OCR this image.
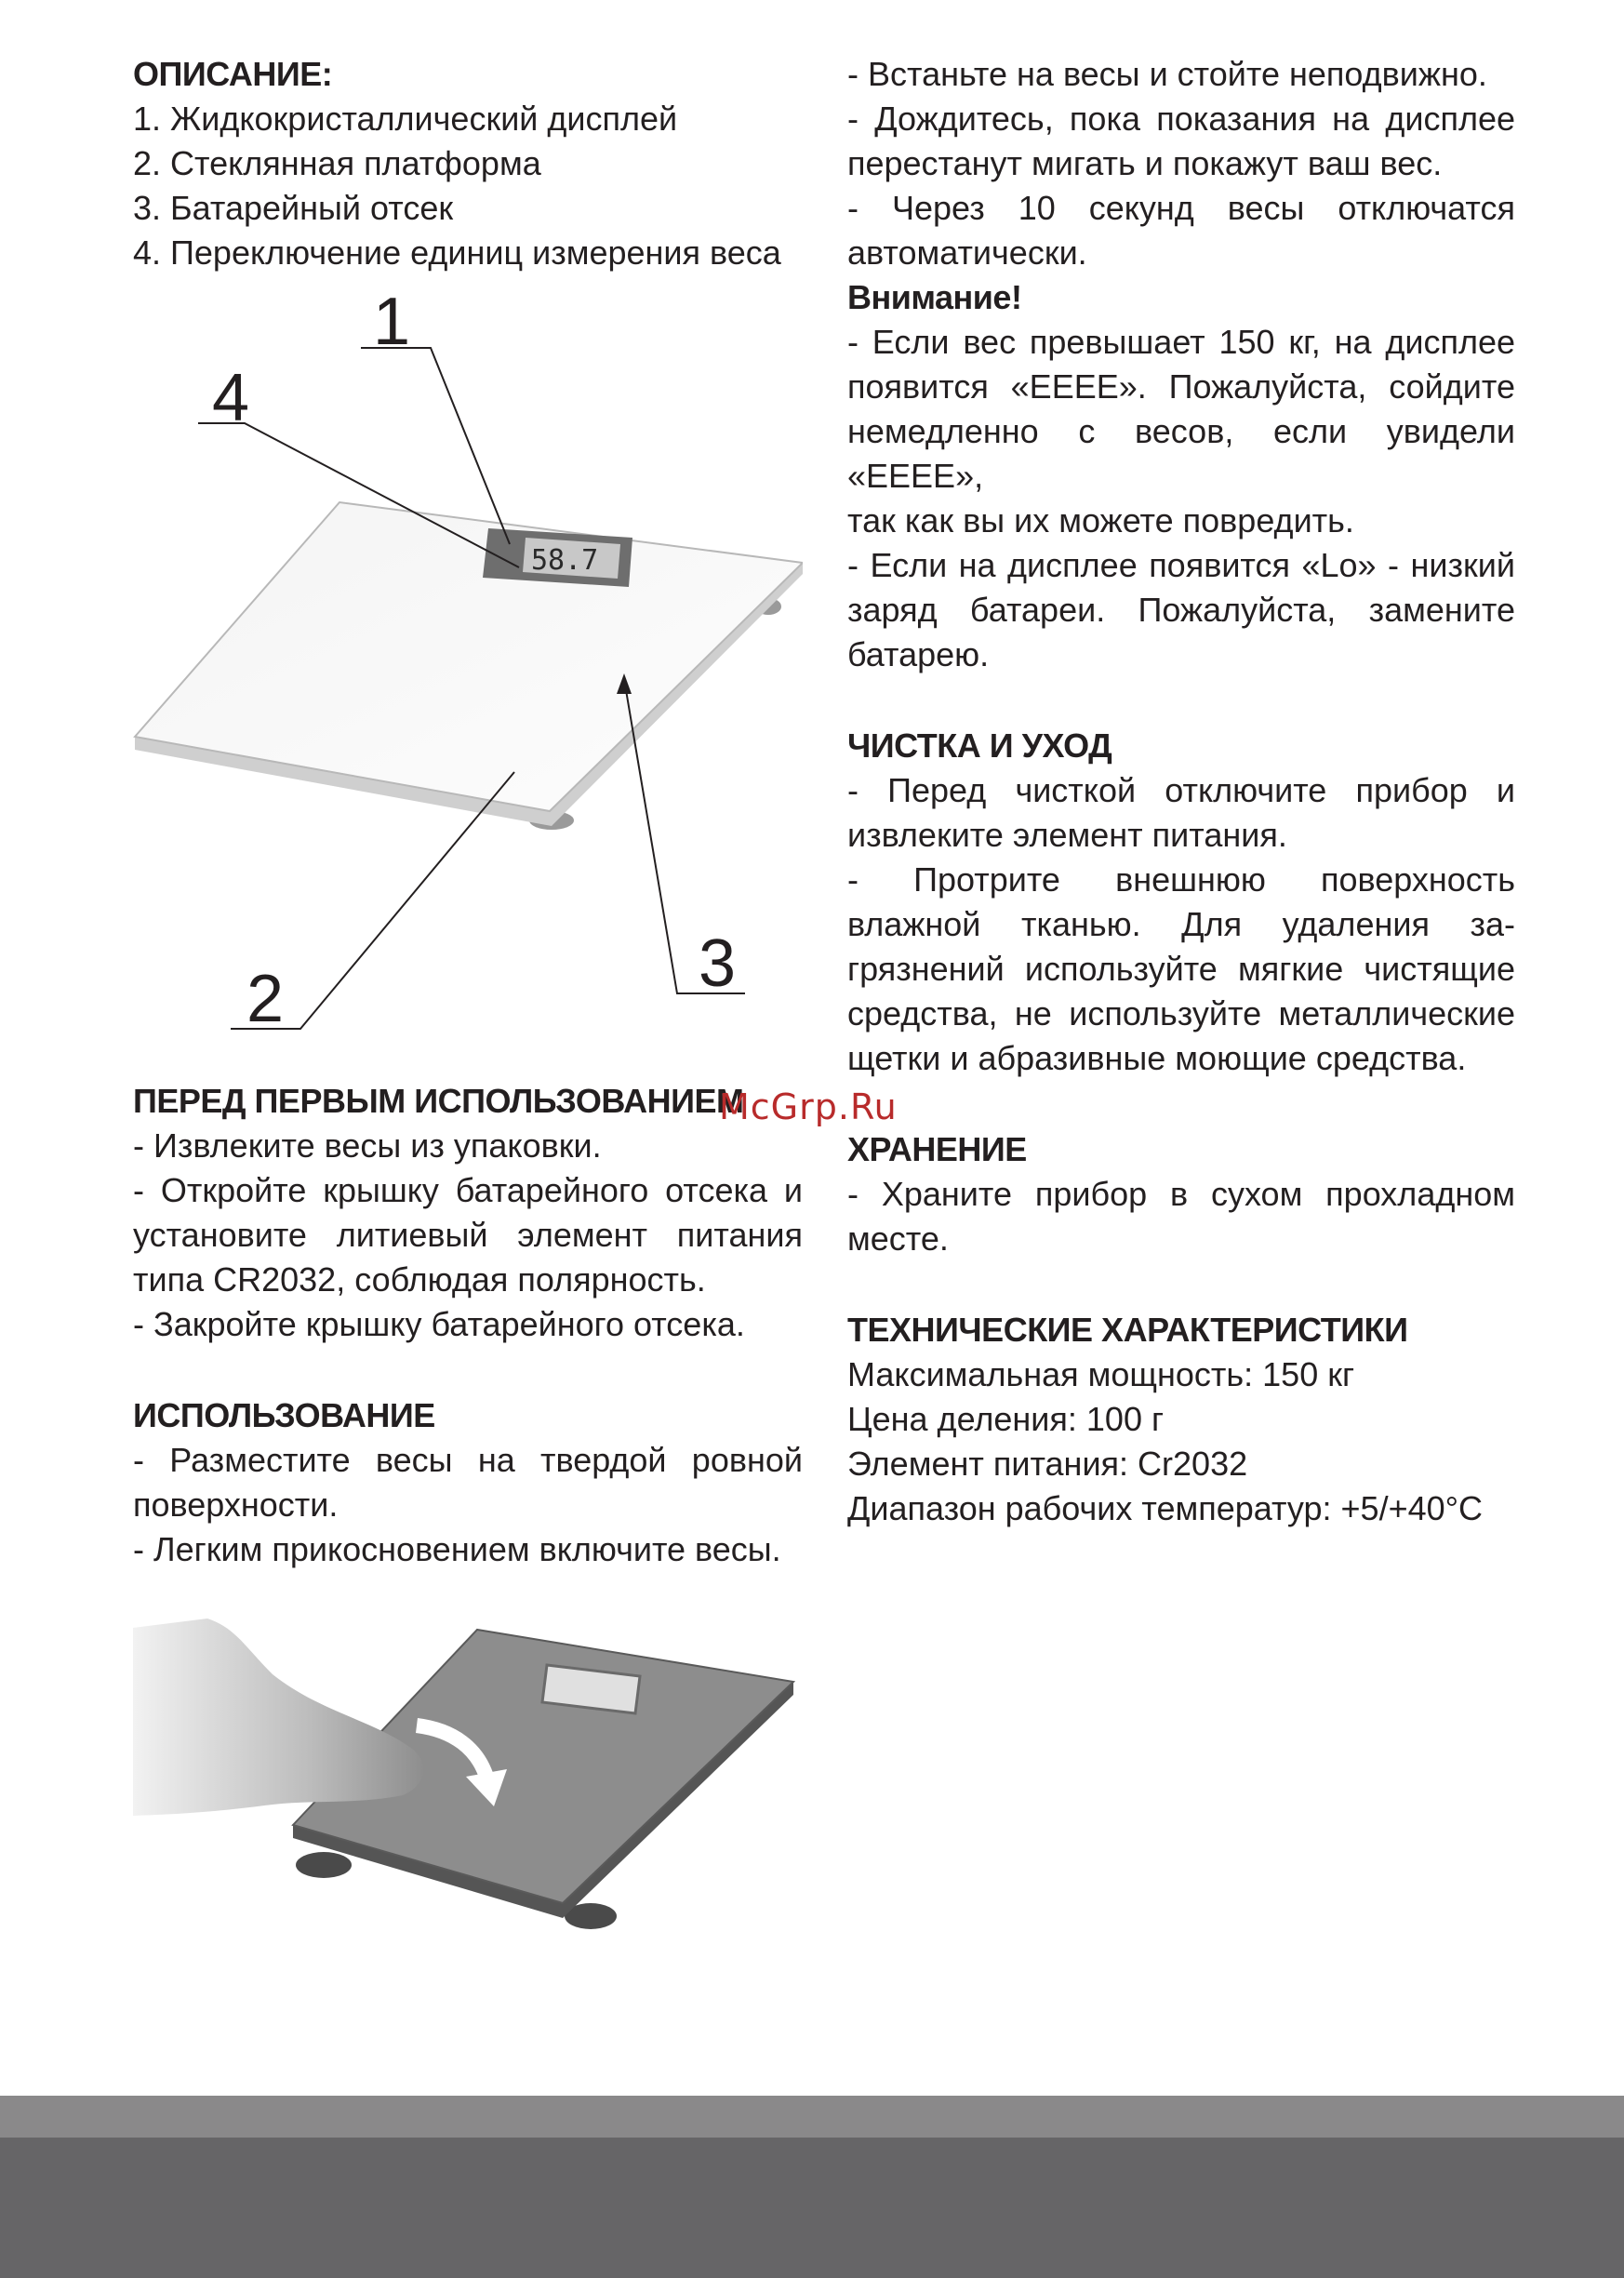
ОПИСАНИЕ:
1. Жидкокристаллический дисплей
2. Стеклянная платформа
3. Батарейный отсек
4. Переключение единиц измерения веса
58.7
1
4
2	3
ПЕРЕД ПЕРВЫМ ИСПОЛЬЗОВАНИЕМ

- Извлеките весы из упаковки.

- Откройте крышку батарейного отсека и

установите литиевый элемент питания

типа CR2032, соблюдая полярность.

- Закройте крышку батарейного отсека.

ИСПОЛЬЗОВАНИЕ

- Разместите весы на твердой ровной

поверхности.

- Легким прикосновением включите весы.

- Встаньте на весы и стойте неподвижно.

- Дождитесь, пока показания на дисплее

перестанут мигать и покажут ваш вес.

- Через 10 секунд весы отключатся

автоматически.

Внимание!

- Если вес превышает 150 кг, на дисплее

появится «EEEE». Пожалуйста, сойдите

немедленно с весов, если увидели «EEEE»,

так как вы их можете повредить.

- Если на дисплее появится «Lo» - низкий

заряд батареи. Пожалуйста, замените

батарею.

ЧИСТКА И УХОД

- Перед чисткой отключите прибор и

извлеките элемент питания.

- Протрите внешнюю поверхность

влажной тканью. Для удаления за-

грязнений используйте мягкие чистящие

средства, не используйте металлические

щетки и абразивные моющие средства.

ХРАНЕНИЕ

- Храните прибор в сухом прохладном

месте.

ТЕХНИЧЕСКИЕ ХАРАКТЕРИСТИКИ

Максимальная мощность: 150 кг

Цена деления: 100 г

Элемент питания: Cr2032

Диапазон рабочих температур: +5/+40°C

McGrp.Ru
